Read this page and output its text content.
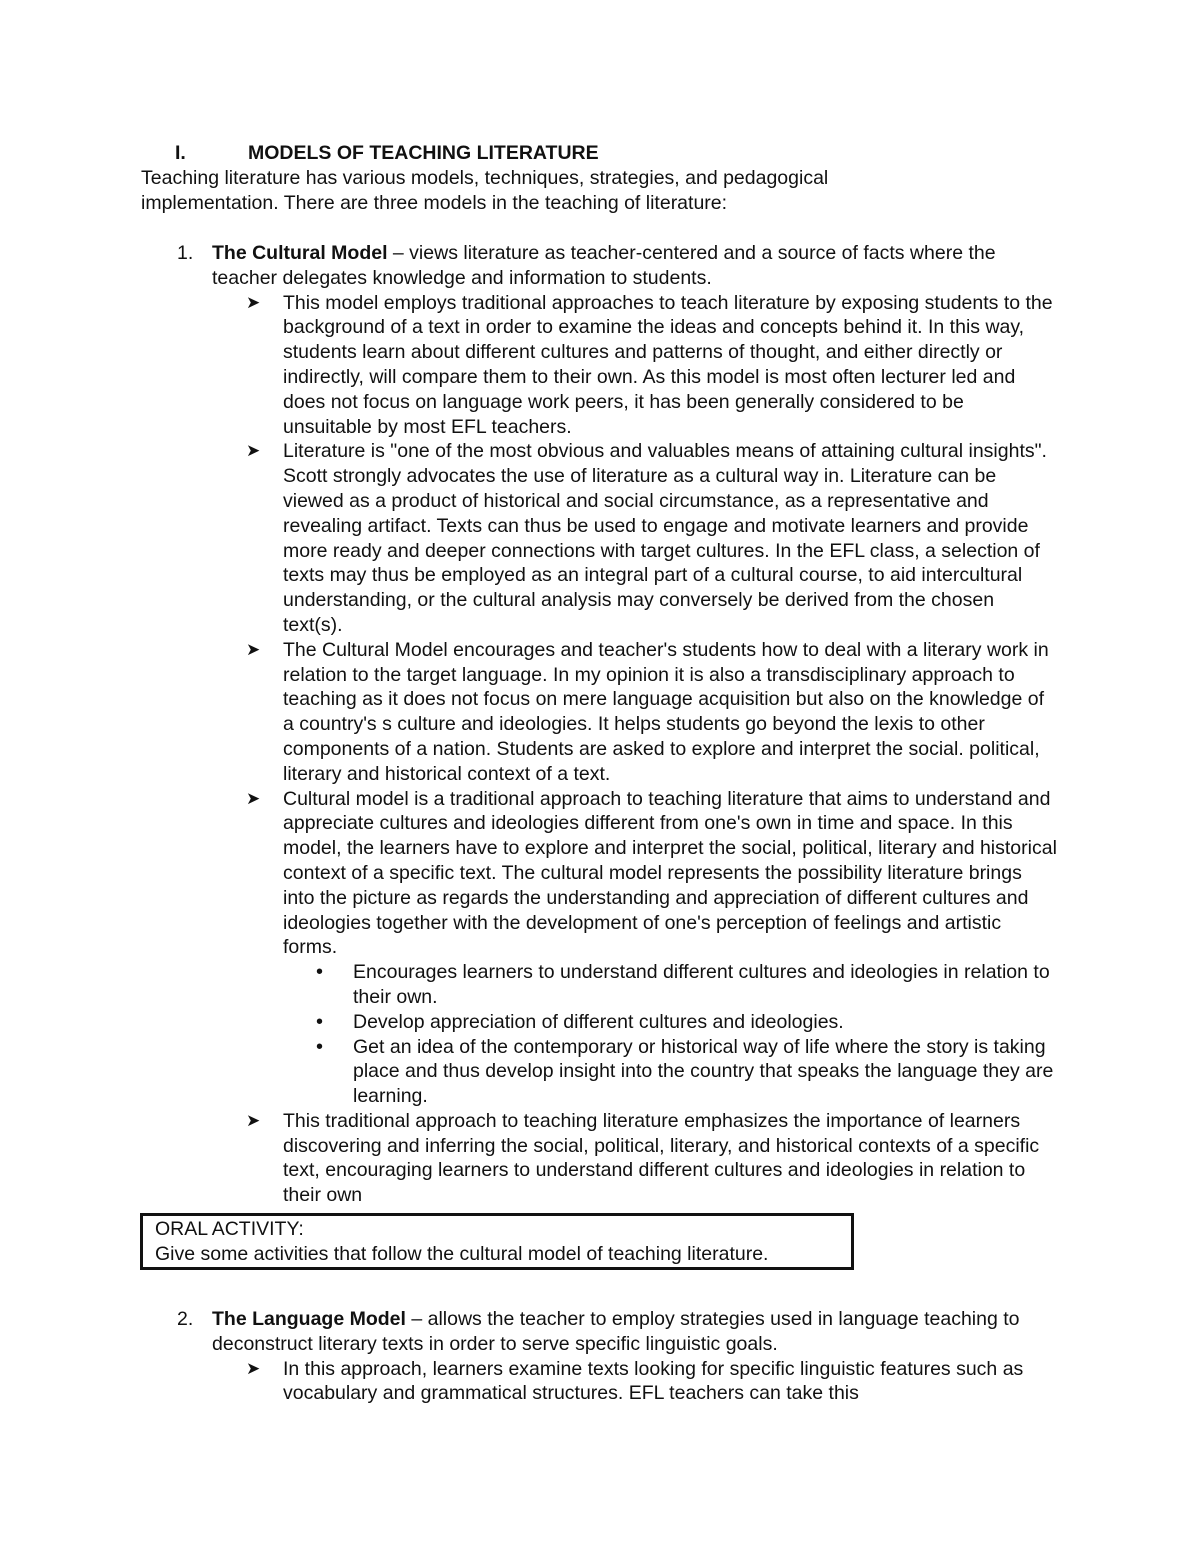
I.	MODELS OF TEACHING LITERATURE
Teaching literature has various models, techniques, strategies, and pedagogical implementation. There are three models in the teaching of literature:
1. The Cultural Model – views literature as teacher-centered and a source of facts where the teacher delegates knowledge and information to students.
➤ This model employs traditional approaches to teach literature by exposing students to the background of a text in order to examine the ideas and concepts behind it. In this way, students learn about different cultures and patterns of thought, and either directly or indirectly, will compare them to their own. As this model is most often lecturer led and does not focus on language work peers, it has been generally considered to be unsuitable by most EFL teachers.
➤ Literature is "one of the most obvious and valuables means of attaining cultural insights". Scott strongly advocates the use of literature as a cultural way in. Literature can be viewed as a product of historical and social circumstance, as a representative and revealing artifact. Texts can thus be used to engage and motivate learners and provide more ready and deeper connections with target cultures. In the EFL class, a selection of texts may thus be employed as an integral part of a cultural course, to aid intercultural understanding, or the cultural analysis may conversely be derived from the chosen text(s).
➤ The Cultural Model encourages and teacher's students how to deal with a literary work in relation to the target language. In my opinion it is also a transdisciplinary approach to teaching as it does not focus on mere language acquisition but also on the knowledge of a country's s culture and ideologies. It helps students go beyond the lexis to other components of a nation. Students are asked to explore and interpret the social. political, literary and historical context of a text.
➤ Cultural model is a traditional approach to teaching literature that aims to understand and appreciate cultures and ideologies different from one's own in time and space. In this model, the learners have to explore and interpret the social, political, literary and historical context of a specific text. The cultural model represents the possibility literature brings into the picture as regards the understanding and appreciation of different cultures and ideologies together with the development of one's perception of feelings and artistic forms.
• Encourages learners to understand different cultures and ideologies in relation to their own.
• Develop appreciation of different cultures and ideologies.
• Get an idea of the contemporary or historical way of life where the story is taking place and thus develop insight into the country that speaks the language they are learning.
➤ This traditional approach to teaching literature emphasizes the importance of learners discovering and inferring the social, political, literary, and historical contexts of a specific text, encouraging learners to understand different cultures and ideologies in relation to their own
ORAL ACTIVITY:
Give some activities that follow the cultural model of teaching literature.
2. The Language Model – allows the teacher to employ strategies used in language teaching to deconstruct literary texts in order to serve specific linguistic goals.
➤ In this approach, learners examine texts looking for specific linguistic features such as vocabulary and grammatical structures. EFL teachers can take this
